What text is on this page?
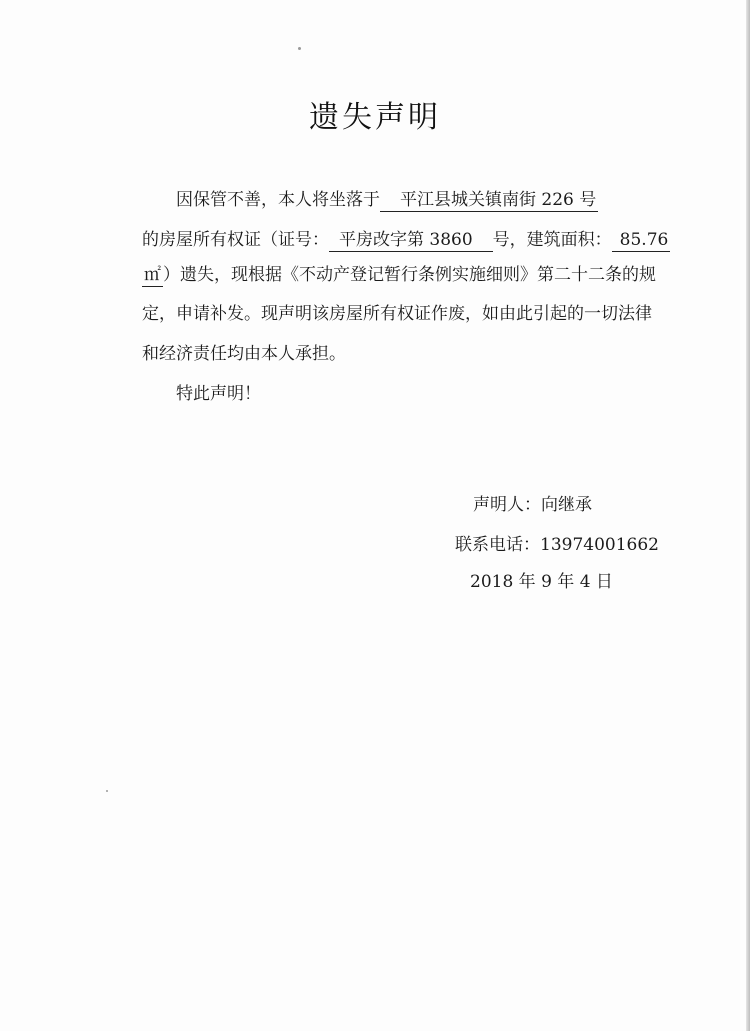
遗失声明
因保管不善，本人将坐落于 平江县城关镇南街 226 号
的房屋所有权证（证号： 平房改字第 3860 号，建筑面积： 85.76
㎡ ）遗失，现根据《不动产登记暂行条例实施细则》第二十二条的规
定，申请补发。现声明该房屋所有权证作废，如由此引起的一切法律
和经济责任均由本人承担。
特此声明！
声明人：向继承
联系电话：13974001662
2018 年 9 年 4 日
